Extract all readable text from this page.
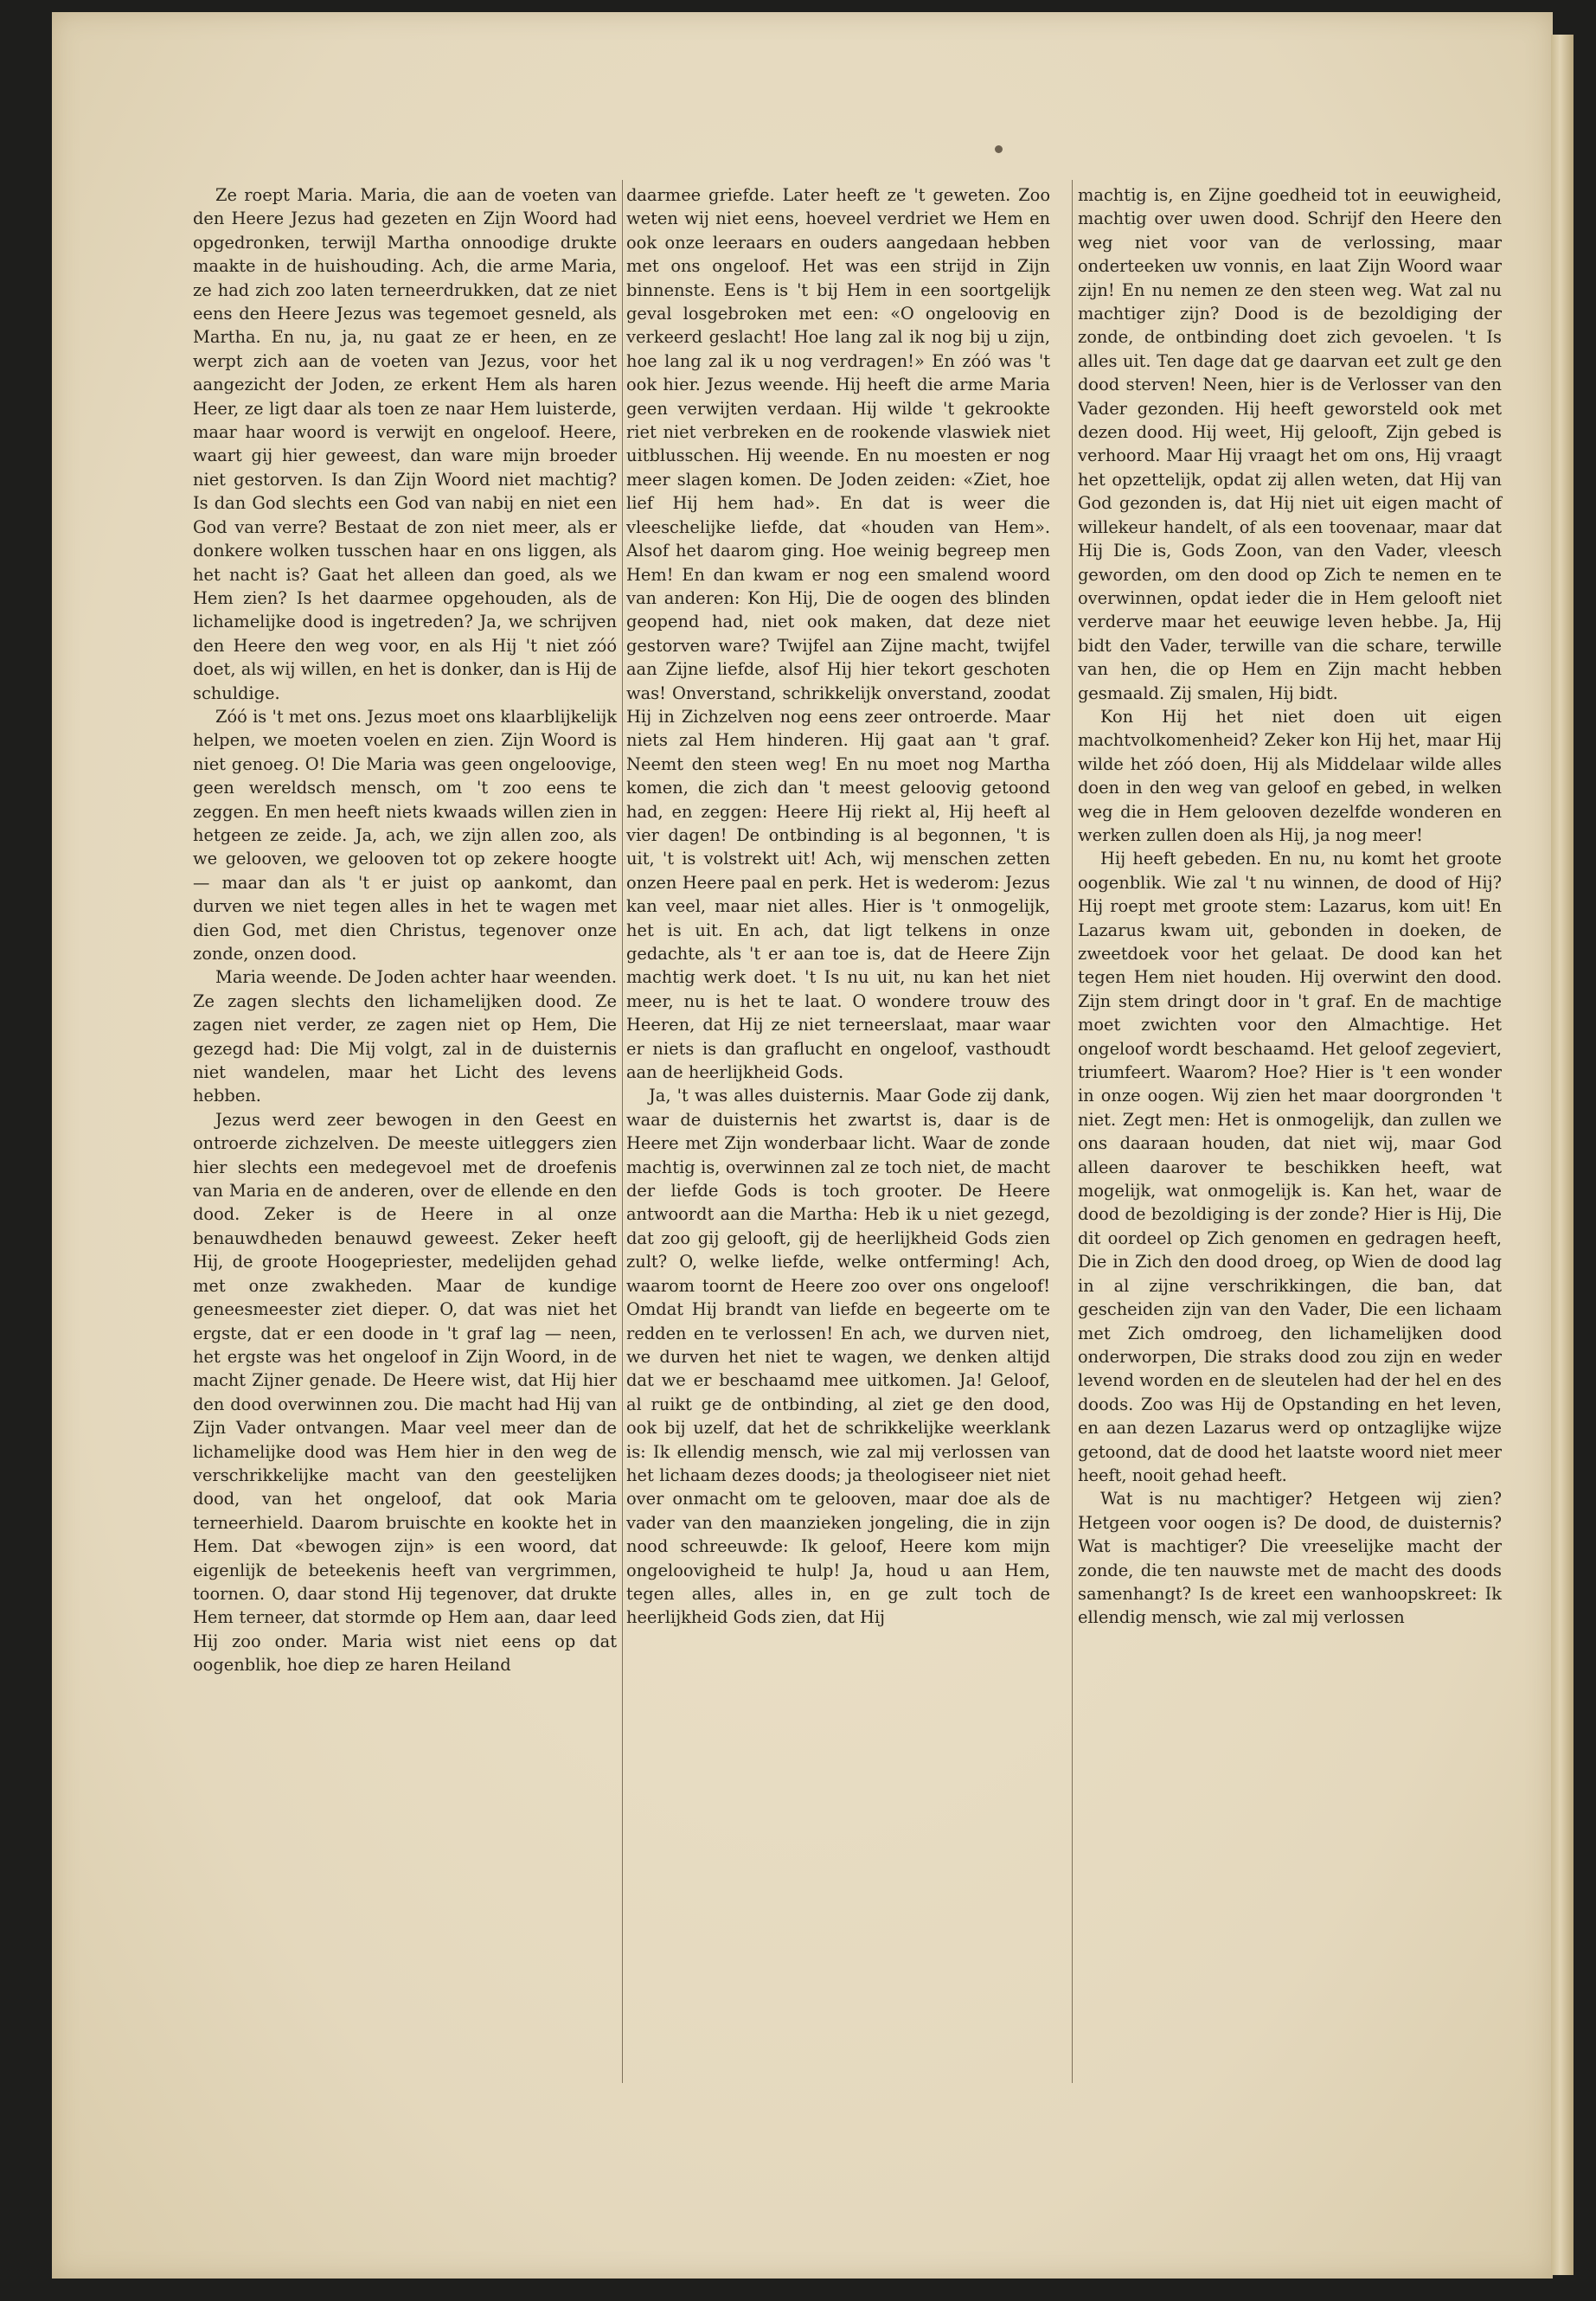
Ze roept Maria. Maria, die aan de voeten van den Heere Jezus had gezeten en Zijn Woord had opgedronken, terwijl Martha onnoodige drukte maakte in de huishouding. Ach, die arme Maria, ze had zich zoo laten terneerdrukken, dat ze niet eens den Heere Jezus was tegemoet gesneld, als Martha. En nu, ja, nu gaat ze er heen, en ze werpt zich aan de voeten van Jezus, voor het aangezicht der Joden, ze erkent Hem als haren Heer, ze ligt daar als toen ze naar Hem luisterde, maar haar woord is verwijt en ongeloof. Heere, waart gij hier geweest, dan ware mijn broeder niet gestorven. Is dan Zijn Woord niet machtig? Is dan God slechts een God van nabij en niet een God van verre? Bestaat de zon niet meer, als er donkere wolken tusschen haar en ons liggen, als het nacht is? Gaat het alleen dan goed, als we Hem zien? Is het daarmee opgehouden, als de lichamelijke dood is ingetreden? Ja, we schrijven den Heere den weg voor, en als Hij 't niet zóó doet, als wij willen, en het is donker, dan is Hij de schuldige.

Zóó is 't met ons. Jezus moet ons klaarblijkelijk helpen, we moeten voelen en zien. Zijn Woord is niet genoeg. O! Die Maria was geen ongeloovige, geen wereldsch mensch, om 't zoo eens te zeggen. En men heeft niets kwaads willen zien in hetgeen ze zeide. Ja, ach, we zijn allen zoo, als we gelooven, we gelooven tot op zekere hoogte — maar dan als 't er juist op aankomt, dan durven we niet tegen alles in het te wagen met dien God, met dien Christus, tegenover onze zonde, onzen dood.

Maria weende. De Joden achter haar weenden. Ze zagen slechts den lichamelijken dood. Ze zagen niet verder, ze zagen niet op Hem, Die gezegd had: Die Mij volgt, zal in de duisternis niet wandelen, maar het Licht des levens hebben.

Jezus werd zeer bewogen in den Geest en ontroerde zichzelven. De meeste uitleggers zien hier slechts een medegevoel met de droefenis van Maria en de anderen, over de ellende en den dood. Zeker is de Heere in al onze benauwdheden benauwd geweest. Zeker heeft Hij, de groote Hoogepriester, medelijden gehad met onze zwakheden. Maar de kundige geneesmeester ziet dieper. O, dat was niet het ergste, dat er een doode in 't graf lag — neen, het ergste was het ongeloof in Zijn Woord, in de macht Zijner genade. De Heere wist, dat Hij hier den dood overwinnen zou. Die macht had Hij van Zijn Vader ontvangen. Maar veel meer dan de lichamelijke dood was Hem hier in den weg de verschrikkelijke macht van den geestelijken dood, van het ongeloof, dat ook Maria terneerhield. Daarom bruischte en kookte het in Hem. Dat «bewogen zijn» is een woord, dat eigenlijk de beteekenis heeft van vergrimmen, toornen. O, daar stond Hij tegenover, dat drukte Hem terneer, dat stormde op Hem aan, daar leed Hij zoo onder. Maria wist niet eens op dat oogenblik, hoe diep ze haren Heiland

daarmee griefde. Later heeft ze 't geweten. Zoo weten wij niet eens, hoeveel verdriet we Hem en ook onze leeraars en ouders aangedaan hebben met ons ongeloof. Het was een strijd in Zijn binnenste. Eens is 't bij Hem in een soortgelijk geval losgebroken met een: «O ongeloovig en verkeerd geslacht! Hoe lang zal ik nog bij u zijn, hoe lang zal ik u nog verdragen!» En zóó was 't ook hier. Jezus weende. Hij heeft die arme Maria geen verwijten verdaan. Hij wilde 't gekrookte riet niet verbreken en de rookende vlaswiek niet uitblusschen. Hij weende. En nu moesten er nog meer slagen komen. De Joden zeiden: «Ziet, hoe lief Hij hem had». En dat is weer die vleeschelijke liefde, dat «houden van Hem». Alsof het daarom ging. Hoe weinig begreep men Hem! En dan kwam er nog een smalend woord van anderen: Kon Hij, Die de oogen des blinden geopend had, niet ook maken, dat deze niet gestorven ware? Twijfel aan Zijne macht, twijfel aan Zijne liefde, alsof Hij hier tekort geschoten was! Onverstand, schrikkelijk onverstand, zoodat Hij in Zichzelven nog eens zeer ontroerde. Maar niets zal Hem hinderen. Hij gaat aan 't graf. Neemt den steen weg! En nu moet nog Martha komen, die zich dan 't meest geloovig getoond had, en zeggen: Heere Hij riekt al, Hij heeft al vier dagen! De ontbinding is al begonnen, 't is uit, 't is volstrekt uit! Ach, wij menschen zetten onzen Heere paal en perk. Het is wederom: Jezus kan veel, maar niet alles. Hier is 't onmogelijk, het is uit. En ach, dat ligt telkens in onze gedachte, als 't er aan toe is, dat de Heere Zijn machtig werk doet. 't Is nu uit, nu kan het niet meer, nu is het te laat. O wondere trouw des Heeren, dat Hij ze niet terneerslaat, maar waar er niets is dan graflucht en ongeloof, vasthoudt aan de heerlijkheid Gods.

Ja, 't was alles duisternis. Maar Gode zij dank, waar de duisternis het zwartst is, daar is de Heere met Zijn wonderbaar licht. Waar de zonde machtig is, overwinnen zal ze toch niet, de macht der liefde Gods is toch grooter. De Heere antwoordt aan die Martha: Heb ik u niet gezegd, dat zoo gij gelooft, gij de heerlijkheid Gods zien zult? O, welke liefde, welke ontferming! Ach, waarom toornt de Heere zoo over ons ongeloof! Omdat Hij brandt van liefde en begeerte om te redden en te verlossen! En ach, we durven niet, we durven het niet te wagen, we denken altijd dat we er beschaamd mee uitkomen. Ja! Geloof, al ruikt ge de ontbinding, al ziet ge den dood, ook bij uzelf, dat het de schrikkelijke weerklank is: Ik ellendig mensch, wie zal mij verlossen van het lichaam dezes doods; ja theologiseer niet niet over onmacht om te gelooven, maar doe als de vader van den maanzieken jongeling, die in zijn nood schreeuwde: Ik geloof, Heere kom mijn ongeloovigheid te hulp! Ja, houd u aan Hem, tegen alles, alles in, en ge zult toch de heerlijkheid Gods zien, dat Hij

machtig is, en Zijne goedheid tot in eeuwigheid, machtig over uwen dood. Schrijf den Heere den weg niet voor van de verlossing, maar onderteeken uw vonnis, en laat Zijn Woord waar zijn! En nu nemen ze den steen weg. Wat zal nu machtiger zijn? Dood is de bezoldiging der zonde, de ontbinding doet zich gevoelen. 't Is alles uit. Ten dage dat ge daarvan eet zult ge den dood sterven! Neen, hier is de Verlosser van den Vader gezonden. Hij heeft geworsteld ook met dezen dood. Hij weet, Hij gelooft, Zijn gebed is verhoord. Maar Hij vraagt het om ons, Hij vraagt het opzettelijk, opdat zij allen weten, dat Hij van God gezonden is, dat Hij niet uit eigen macht of willekeur handelt, of als een toovenaar, maar dat Hij Die is, Gods Zoon, van den Vader, vleesch geworden, om den dood op Zich te nemen en te overwinnen, opdat ieder die in Hem gelooft niet verderve maar het eeuwige leven hebbe. Ja, Hij bidt den Vader, terwille van die schare, terwille van hen, die op Hem en Zijn macht hebben gesmaald. Zij smalen, Hij bidt.

Kon Hij het niet doen uit eigen machtvolkomenheid? Zeker kon Hij het, maar Hij wilde het zóó doen, Hij als Middelaar wilde alles doen in den weg van geloof en gebed, in welken weg die in Hem gelooven dezelfde wonderen en werken zullen doen als Hij, ja nog meer!

Hij heeft gebeden. En nu, nu komt het groote oogenblik. Wie zal 't nu winnen, de dood of Hij? Hij roept met groote stem: Lazarus, kom uit! En Lazarus kwam uit, gebonden in doeken, de zweetdoek voor het gelaat. De dood kan het tegen Hem niet houden. Hij overwint den dood. Zijn stem dringt door in 't graf. En de machtige moet zwichten voor den Almachtige. Het ongeloof wordt beschaamd. Het geloof zegeviert, triumfeert. Waarom? Hoe? Hier is 't een wonder in onze oogen. Wij zien het maar doorgronden 't niet. Zegt men: Het is onmogelijk, dan zullen we ons daaraan houden, dat niet wij, maar God alleen daarover te beschikken heeft, wat mogelijk, wat onmogelijk is. Kan het, waar de dood de bezoldiging is der zonde? Hier is Hij, Die dit oordeel op Zich genomen en gedragen heeft, Die in Zich den dood droeg, op Wien de dood lag in al zijne verschrikkingen, die ban, dat gescheiden zijn van den Vader, Die een lichaam met Zich omdroeg, den lichamelijken dood onderworpen, Die straks dood zou zijn en weder levend worden en de sleutelen had der hel en des doods. Zoo was Hij de Opstanding en het leven, en aan dezen Lazarus werd op ontzaglijke wijze getoond, dat de dood het laatste woord niet meer heeft, nooit gehad heeft.

Wat is nu machtiger? Hetgeen wij zien? Hetgeen voor oogen is? De dood, de duisternis? Wat is machtiger? Die vreeselijke macht der zonde, die ten nauwste met de macht des doods samenhangt? Is de kreet een wanhoopskreet: Ik ellendig mensch, wie zal mij verlossen
